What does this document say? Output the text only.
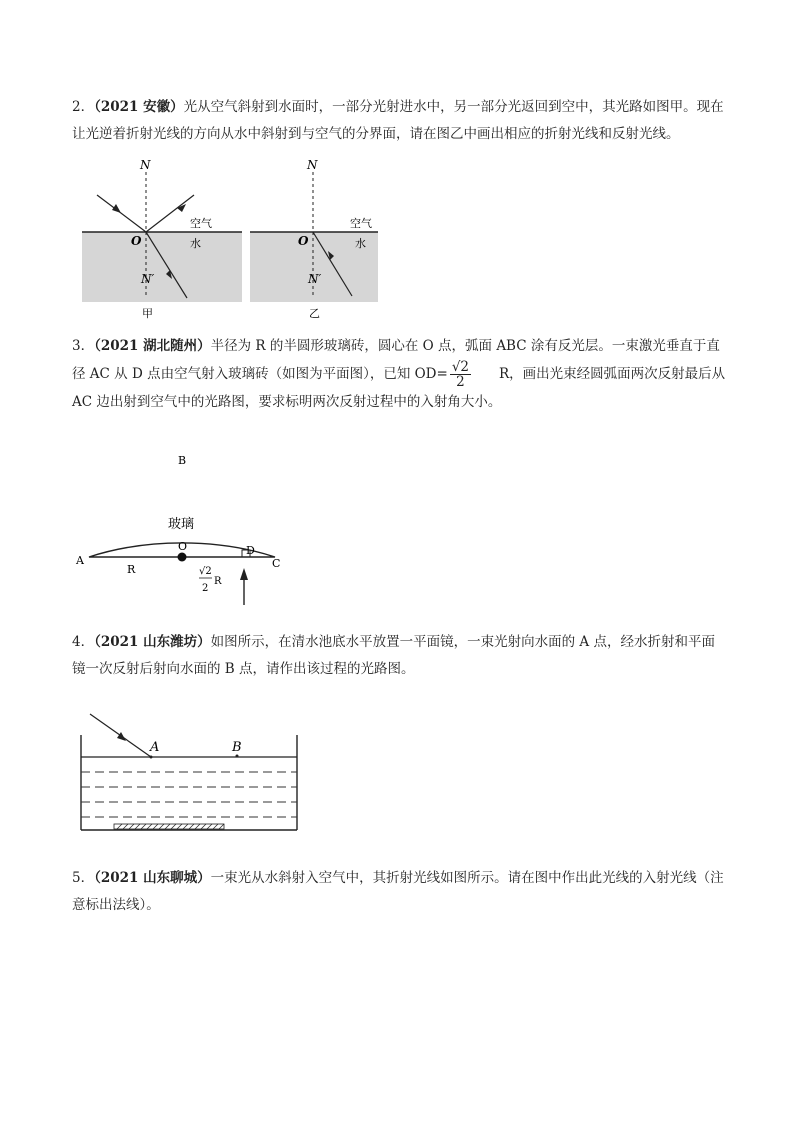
2．（2021 安徽）光从空气斜射到水面时，一部分光射进水中，另一部分光返回到空中，其光路如图甲。现在让光逆着折射光线的方向从水中斜射到与空气的分界面，请在图乙中画出相应的折射光线和反射光线。
N
O
N′
空气
水
甲
N
O
N′
空气
水
乙
3．（2021 湖北随州）半径为 R 的半圆形玻璃砖，圆心在 O 点，弧面 ABC 涂有反光层。一束激光垂直于直径 AC 从 D 点由空气射入玻璃砖（如图为平面图），已知 $OD= \frac{√2}{2}$ R，画出光束经圆弧面两次反射最后从 AC 边出射到空气中的光路图，要求标明两次反射过程中的入射角大小。
B
玻璃
O
A
D
C
R	√2
2
R
4．（2021 山东潍坊）如图所示，在清水池底水平放置一平面镜，一束光射向水面的 A 点，经水折射和平面镜一次反射后射向水面的 B 点，请作出该过程的光路图。
A	B
5．（2021 山东聊城）一束光从水斜射入空气中，其折射光线如图所示。请在图中作出此光线的入射光线（注意标出法线）。
